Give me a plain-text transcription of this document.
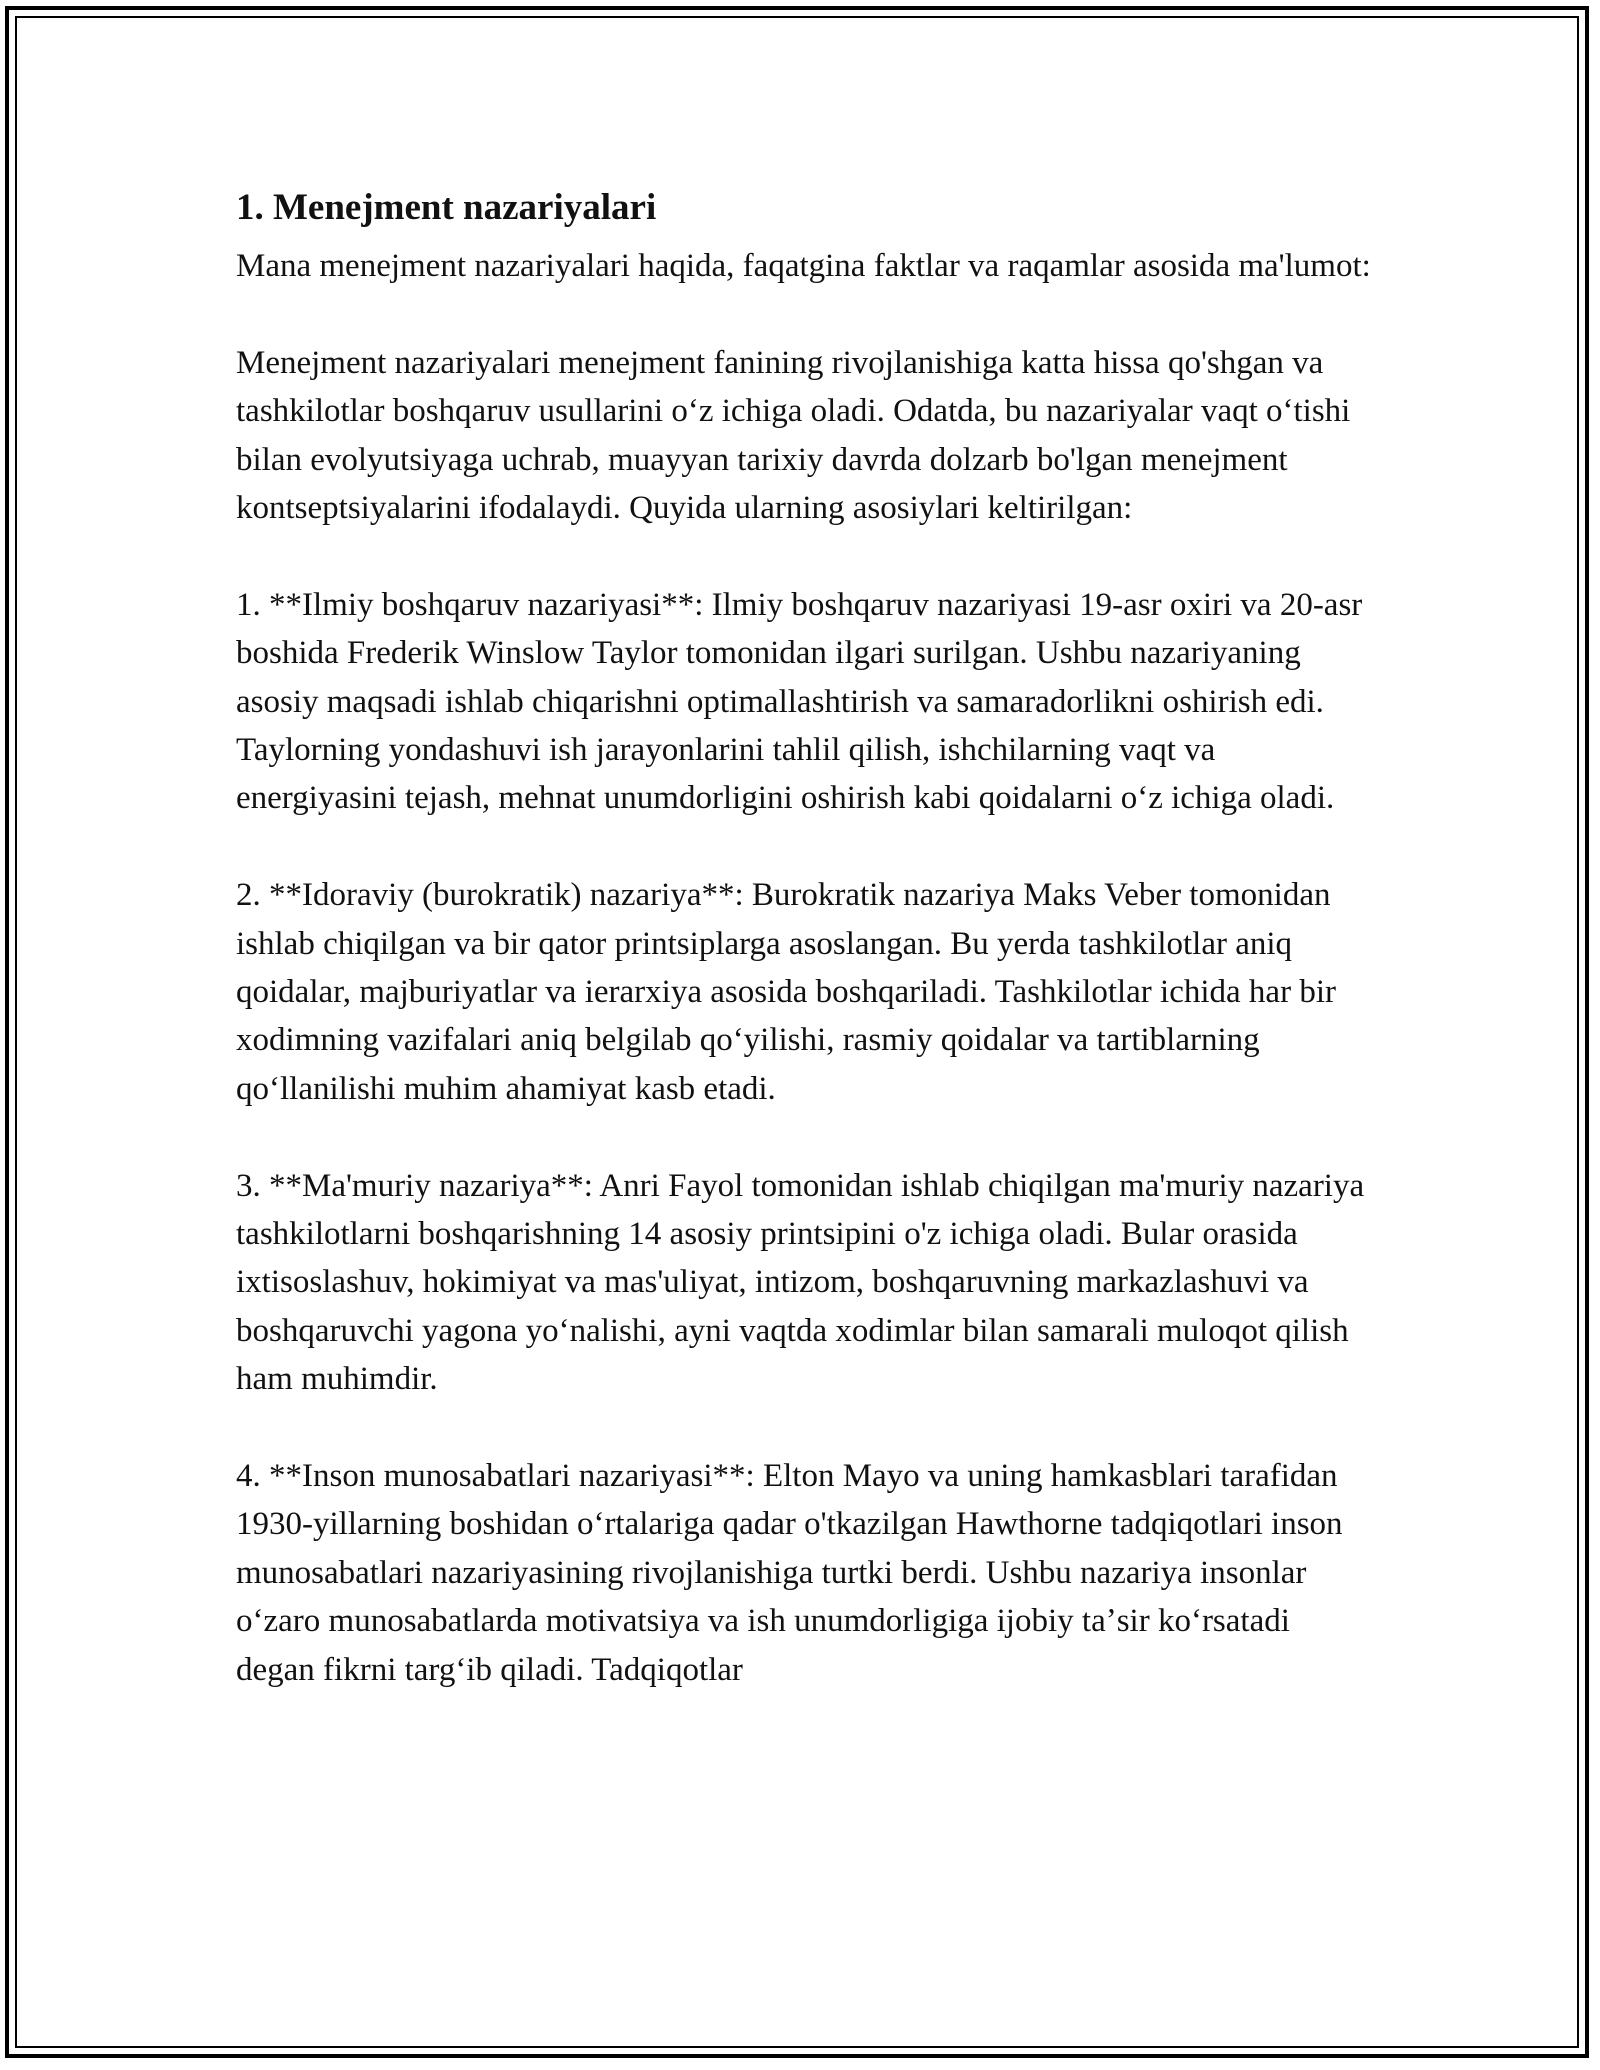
1. Menejment nazariyalari

Mana menejment nazariyalari haqida, faqatgina faktlar va raqamlar asosida ma'lumot:

Menejment nazariyalari menejment fanining rivojlanishiga katta hissa qo'shgan va tashkilotlar boshqaruv usullarini oʻz ichiga oladi. Odatda, bu nazariyalar vaqt oʻtishi bilan evolyutsiyaga uchrab, muayyan tarixiy davrda dolzarb bo'lgan menejment kontseptsiyalarini ifodalaydi. Quyida ularning asosiylari keltirilgan:

1. **Ilmiy boshqaruv nazariyasi**: Ilmiy boshqaruv nazariyasi 19-asr oxiri va 20-asr boshida Frederik Winslow Taylor tomonidan ilgari surilgan. Ushbu nazariyaning asosiy maqsadi ishlab chiqarishni optimallashtirish va samaradorlikni oshirish edi. Taylorning yondashuvi ish jarayonlarini tahlil qilish, ishchilarning vaqt va energiyasini tejash, mehnat unumdorligini oshirish kabi qoidalarni oʻz ichiga oladi.

2. **Idoraviy (burokratik) nazariya**: Burokratik nazariya Maks Veber tomonidan ishlab chiqilgan va bir qator printsiplarga asoslangan. Bu yerda tashkilotlar aniq qoidalar, majburiyatlar va ierarxiya asosida boshqariladi. Tashkilotlar ichida har bir xodimning vazifalari aniq belgilab qoʻyilishi, rasmiy qoidalar va tartiblarning qoʻllanilishi muhim ahamiyat kasb etadi.

3. **Ma'muriy nazariya**: Anri Fayol tomonidan ishlab chiqilgan ma'muriy nazariya tashkilotlarni boshqarishning 14 asosiy printsipini o'z ichiga oladi. Bular orasida ixtisoslashuv, hokimiyat va mas'uliyat, intizom, boshqaruvning markazlashuvi va boshqaruvchi yagona yoʻnalishi, ayni vaqtda xodimlar bilan samarali muloqot qilish ham muhimdir.

4. **Inson munosabatlari nazariyasi**: Elton Mayo va uning hamkasblari tarafidan 1930-yillarning boshidan oʻrtalariga qadar o'tkazilgan Hawthorne tadqiqotlari inson munosabatlari nazariyasining rivojlanishiga turtki berdi. Ushbu nazariya insonlar oʻzaro munosabatlarda motivatsiya va ish unumdorligiga ijobiy taʼsir koʻrsatadi degan fikrni targʻib qiladi. Tadqiqotlar
